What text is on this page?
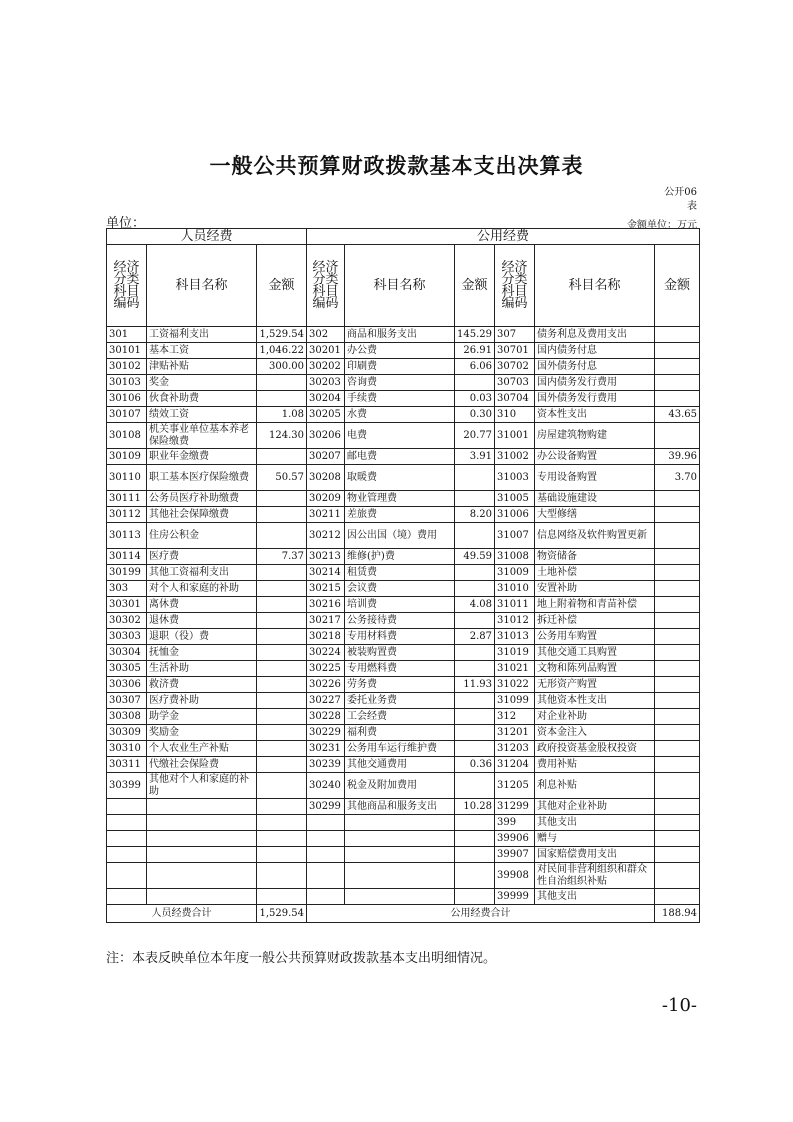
一般公共预算财政拨款基本支出决算表
公开06
表
单位：	金额单位：万元
人员经费			公用经费					
经济分类科目编码	科目名称	金额	经济分类科目编码	科目名称	金额	经济分类科目编码	科目名称	金额
301	工资福利支出	1,529.54	302	商品和服务支出	145.29	307	债务利息及费用支出	
30101	基本工资	1,046.22	30201	办公费	26.91	30701	国内债务付息	
30102	津贴补贴	300.00	30202	印刷费	6.06	30702	国外债务付息	
30103	奖金		30203	咨询费		30703	国内债务发行费用	
30106	伙食补助费		30204	手续费	0.03	30704	国外债务发行费用	
30107	绩效工资	1.08	30205	水费	0.30	310	资本性支出	43.65
30108	机关事业单位基本养老保险缴费	124.30	30206	电费	20.77	31001	房屋建筑物购建	
30109	职业年金缴费		30207	邮电费	3.91	31002	办公设备购置	39.96
30110	职工基本医疗保险缴费	50.57	30208	取暖费		31003	专用设备购置	3.70
30111	公务员医疗补助缴费		30209	物业管理费		31005	基础设施建设	
30112	其他社会保障缴费		30211	差旅费	8.20	31006	大型修缮	
30113	住房公积金		30212	因公出国（境）费用		31007	信息网络及软件购置更新	
30114	医疗费	7.37	30213	维修(护)费	49.59	31008	物资储备	
30199	其他工资福利支出		30214	租赁费		31009	土地补偿	
303	对个人和家庭的补助		30215	会议费		31010	安置补助	
30301	离休费		30216	培训费	4.08	31011	地上附着物和青苗补偿	
30302	退休费		30217	公务接待费		31012	拆迁补偿	
30303	退职（役）费		30218	专用材料费	2.87	31013	公务用车购置	
30304	抚恤金		30224	被装购置费		31019	其他交通工具购置	
30305	生活补助		30225	专用燃料费		31021	文物和陈列品购置	
30306	救济费		30226	劳务费	11.93	31022	无形资产购置	
30307	医疗费补助		30227	委托业务费		31099	其他资本性支出	
30308	助学金		30228	工会经费		312	对企业补助	
30309	奖励金		30229	福利费		31201	资本金注入	
30310	个人农业生产补贴		30231	公务用车运行维护费		31203	政府投资基金股权投资	
30311	代缴社会保险费		30239	其他交通费用	0.36	31204	费用补贴	
30399	其他对个人和家庭的补助		30240	税金及附加费用		31205	利息补贴	
			30299	其他商品和服务支出	10.28	31299	其他对企业补助	
						399	其他支出	
						39906	赠与	
						39907	国家赔偿费用支出	
						39908	对民间非营利组织和群众性自治组织补贴	
						39999	其他支出	
人员经费合计		1,529.54	公用经费合计					188.94
注：本表反映单位本年度一般公共预算财政拨款基本支出明细情况。
-10-
